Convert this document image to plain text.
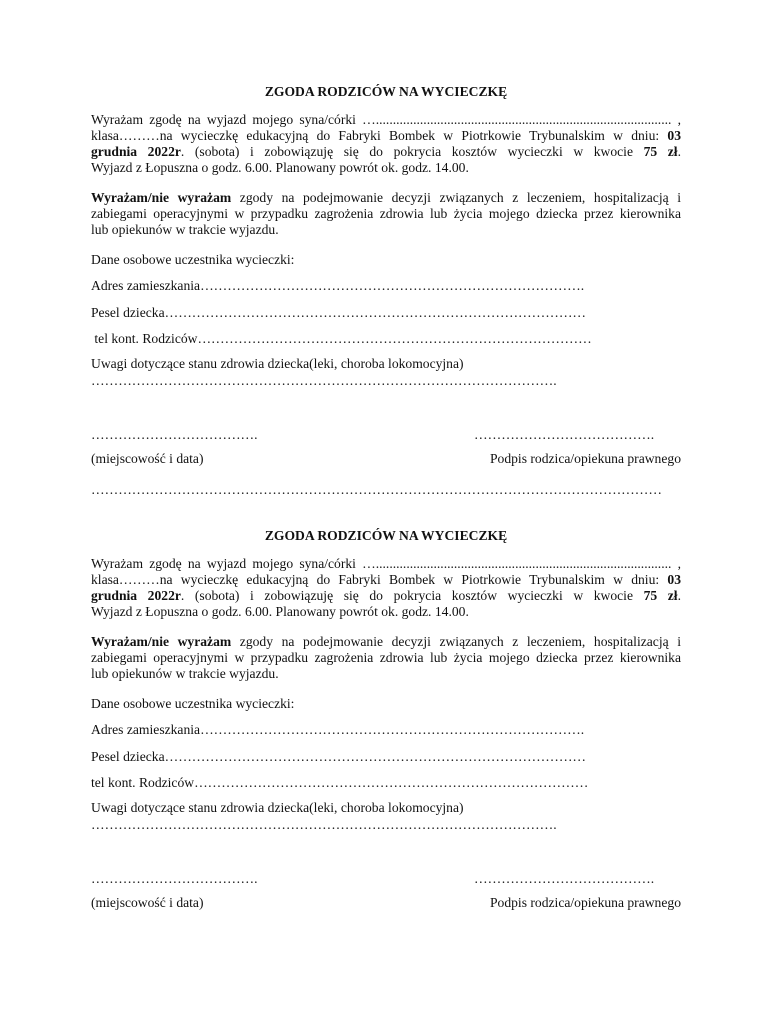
ZGODA RODZICÓW NA WYCIECZKĘ
Wyrażam zgodę na wyjazd mojego syna/córki …....................................................................................... ,
klasa………na wycieczkę edukacyjną do Fabryki Bombek w Piotrkowie Trybunalskim w dniu: 03
grudnia 2022r. (sobota) i zobowiązuję się do pokrycia kosztów wycieczki w kwocie 75 zł.
Wyjazd z Łopuszna o godz. 6.00. Planowany powrót ok. godz. 14.00.
Wyrażam/nie wyrażam zgody na podejmowanie decyzji związanych z leczeniem, hospitalizacją i
zabiegami operacyjnymi w przypadku zagrożenia zdrowia lub życia mojego dziecka przez kierownika
lub opiekunów w trakcie wyjazdu.
Dane osobowe uczestnika wycieczki:
Adres zamieszkania………………………………………………………………………….
Pesel dziecka…………………………………………………………………………………
tel kont. Rodziców……………………………………………………………………………
Uwagi dotyczące stanu zdrowia dziecka(leki, choroba lokomocyjna)
………………………………………………………………………………………….
……………………………….	………………………………….
(miejscowość i data)	Podpis rodzica/opiekuna prawnego
………………………………………………………………………………………………………………
ZGODA RODZICÓW NA WYCIECZKĘ
Wyrażam zgodę na wyjazd mojego syna/córki …....................................................................................... ,
klasa………na wycieczkę edukacyjną do Fabryki Bombek w Piotrkowie Trybunalskim w dniu: 03
grudnia 2022r. (sobota) i zobowiązuję się do pokrycia kosztów wycieczki w kwocie 75 zł.
Wyjazd z Łopuszna o godz. 6.00. Planowany powrót ok. godz. 14.00.
Wyrażam/nie wyrażam zgody na podejmowanie decyzji związanych z leczeniem, hospitalizacją i
zabiegami operacyjnymi w przypadku zagrożenia zdrowia lub życia mojego dziecka przez kierownika
lub opiekunów w trakcie wyjazdu.
Dane osobowe uczestnika wycieczki:
Adres zamieszkania………………………………………………………………………….
Pesel dziecka…………………………………………………………………………………
tel kont. Rodziców……………………………………………………………………………
Uwagi dotyczące stanu zdrowia dziecka(leki, choroba lokomocyjna)
………………………………………………………………………………………….
……………………………….	………………………………….
(miejscowość i data)	Podpis rodzica/opiekuna prawnego
